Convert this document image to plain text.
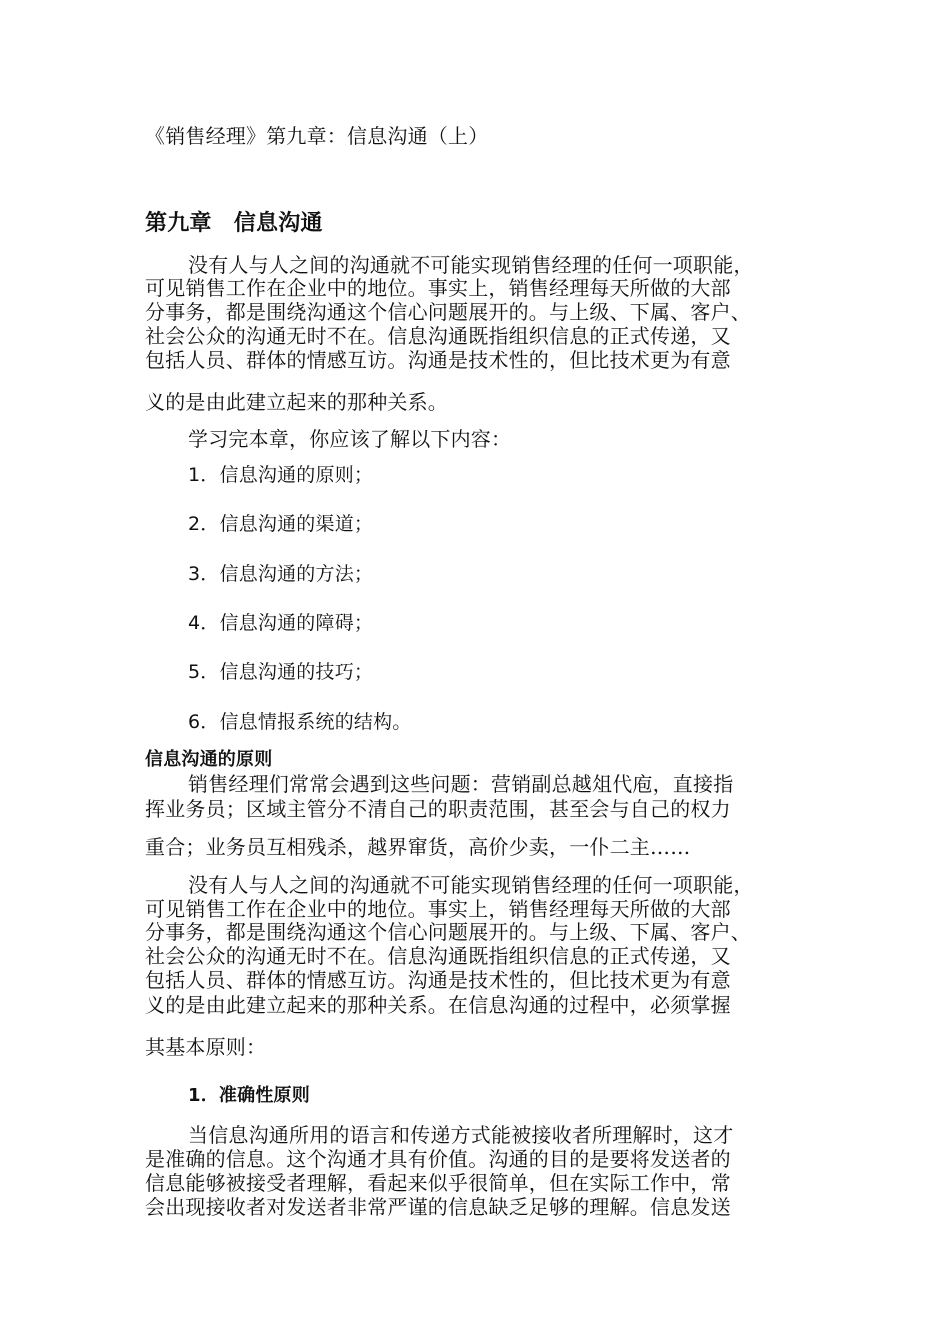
《销售经理》第九章：信息沟通（上）
第九章　信息沟通
没有人与人之间的沟通就不可能实现销售经理的任何一项职能，
可见销售工作在企业中的地位。事实上，销售经理每天所做的大部
分事务，都是围绕沟通这个信心问题展开的。与上级、下属、客户、
社会公众的沟通无时不在。信息沟通既指组织信息的正式传递，又
包括人员、群体的情感互访。沟通是技术性的，但比技术更为有意
义的是由此建立起来的那种关系。
学习完本章，你应该了解以下内容：
1．信息沟通的原则；
2．信息沟通的渠道；
3．信息沟通的方法；
4．信息沟通的障碍；
5．信息沟通的技巧；
6．信息情报系统的结构。
信息沟通的原则
销售经理们常常会遇到这些问题：营销副总越俎代庖，直接指
挥业务员；区域主管分不清自己的职责范围，甚至会与自己的权力
重合；业务员互相残杀，越界窜货，高价少卖，一仆二主……
没有人与人之间的沟通就不可能实现销售经理的任何一项职能，
可见销售工作在企业中的地位。事实上，销售经理每天所做的大部
分事务，都是围绕沟通这个信心问题展开的。与上级、下属、客户、
社会公众的沟通无时不在。信息沟通既指组织信息的正式传递，又
包括人员、群体的情感互访。沟通是技术性的，但比技术更为有意
义的是由此建立起来的那种关系。在信息沟通的过程中，必须掌握
其基本原则：
1．准确性原则
当信息沟通所用的语言和传递方式能被接收者所理解时，这才
是准确的信息。这个沟通才具有价值。沟通的目的是要将发送者的
信息能够被接受者理解，看起来似乎很简单，但在实际工作中，常
会出现接收者对发送者非常严谨的信息缺乏足够的理解。信息发送
